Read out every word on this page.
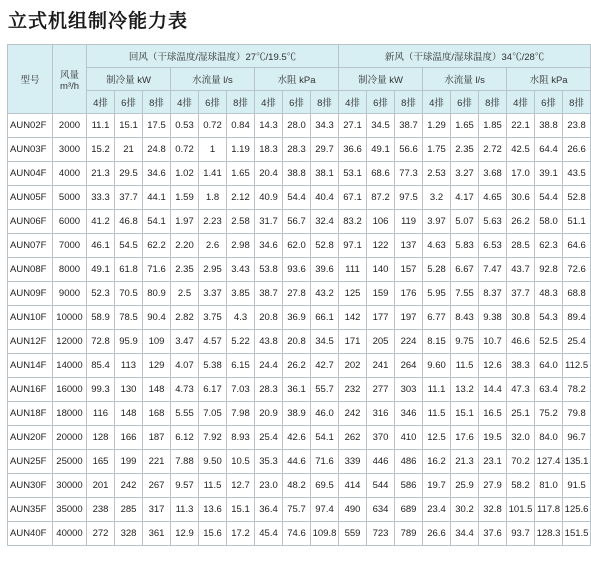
立式机组制冷能力表
型号	风量
m³/h	回风（干球温度/湿球温度）27℃/19.5℃									新风（干球温度/湿球温度）34℃/28℃								
		制冷量 kW			水流量 l/s			水阻 kPa			制冷量 kW			水流量 l/s			水阻 kPa		
		4排	6排	8排	4排	6排	8排	4排	6排	8排	4排	6排	8排	4排	6排	8排	4排	6排	8排
AUN02F	2000	11.1	15.1	17.5	0.53	0.72	0.84	14.3	28.0	34.3	27.1	34.5	38.7	1.29	1.65	1.85	22.1	38.8	23.8
AUN03F	3000	15.2	21	24.8	0.72	1	1.19	18.3	28.3	29.7	36.6	49.1	56.6	1.75	2.35	2.72	42.5	64.4	26.6
AUN04F	4000	21.3	29.5	34.6	1.02	1.41	1.65	20.4	38.8	38.1	53.1	68.6	77.3	2.53	3.27	3.68	17.0	39.1	43.5
AUN05F	5000	33.3	37.7	44.1	1.59	1.8	2.12	40.9	54.4	40.4	67.1	87.2	97.5	3.2	4.17	4.65	30.6	54.4	52.8
AUN06F	6000	41.2	46.8	54.1	1.97	2.23	2.58	31.7	56.7	32.4	83.2	106	119	3.97	5.07	5.63	26.2	58.0	51.1
AUN07F	7000	46.1	54.5	62.2	2.20	2.6	2.98	34.6	62.0	52.8	97.1	122	137	4.63	5.83	6.53	28.5	62.3	64.6
AUN08F	8000	49.1	61.8	71.6	2.35	2.95	3.43	53.8	93.6	39.6	111	140	157	5.28	6.67	7.47	43.7	92.8	72.6
AUN09F	9000	52.3	70.5	80.9	2.5	3.37	3.85	38.7	27.8	43.2	125	159	176	5.95	7.55	8.37	37.7	48.3	68.8
AUN10F	10000	58.9	78.5	90.4	2.82	3.75	4.3	20.8	36.9	66.1	142	177	197	6.77	8.43	9.38	30.8	54.3	89.4
AUN12F	12000	72.8	95.9	109	3.47	4.57	5.22	43.8	20.8	34.5	171	205	224	8.15	9.75	10.7	46.6	52.5	25.4
AUN14F	14000	85.4	113	129	4.07	5.38	6.15	24.4	26.2	42.7	202	241	264	9.60	11.5	12.6	38.3	64.0	112.5
AUN16F	16000	99.3	130	148	4.73	6.17	7.03	28.3	36.1	55.7	232	277	303	11.1	13.2	14.4	47.3	63.4	78.2
AUN18F	18000	116	148	168	5.55	7.05	7.98	20.9	38.9	46.0	242	316	346	11.5	15.1	16.5	25.1	75.2	79.8
AUN20F	20000	128	166	187	6.12	7.92	8.93	25.4	42.6	54.1	262	370	410	12.5	17.6	19.5	32.0	84.0	96.7
AUN25F	25000	165	199	221	7.88	9.50	10.5	35.3	44.6	71.6	339	446	486	16.2	21.3	23.1	70.2	127.4	135.1
AUN30F	30000	201	242	267	9.57	11.5	12.7	23.0	48.2	69.5	414	544	586	19.7	25.9	27.9	58.2	81.0	91.5
AUN35F	35000	238	285	317	11.3	13.6	15.1	36.4	75.7	97.4	490	634	689	23.4	30.2	32.8	101.5	117.8	125.6
AUN40F	40000	272	328	361	12.9	15.6	17.2	45.4	74.6	109.8	559	723	789	26.6	34.4	37.6	93.7	128.3	151.5
